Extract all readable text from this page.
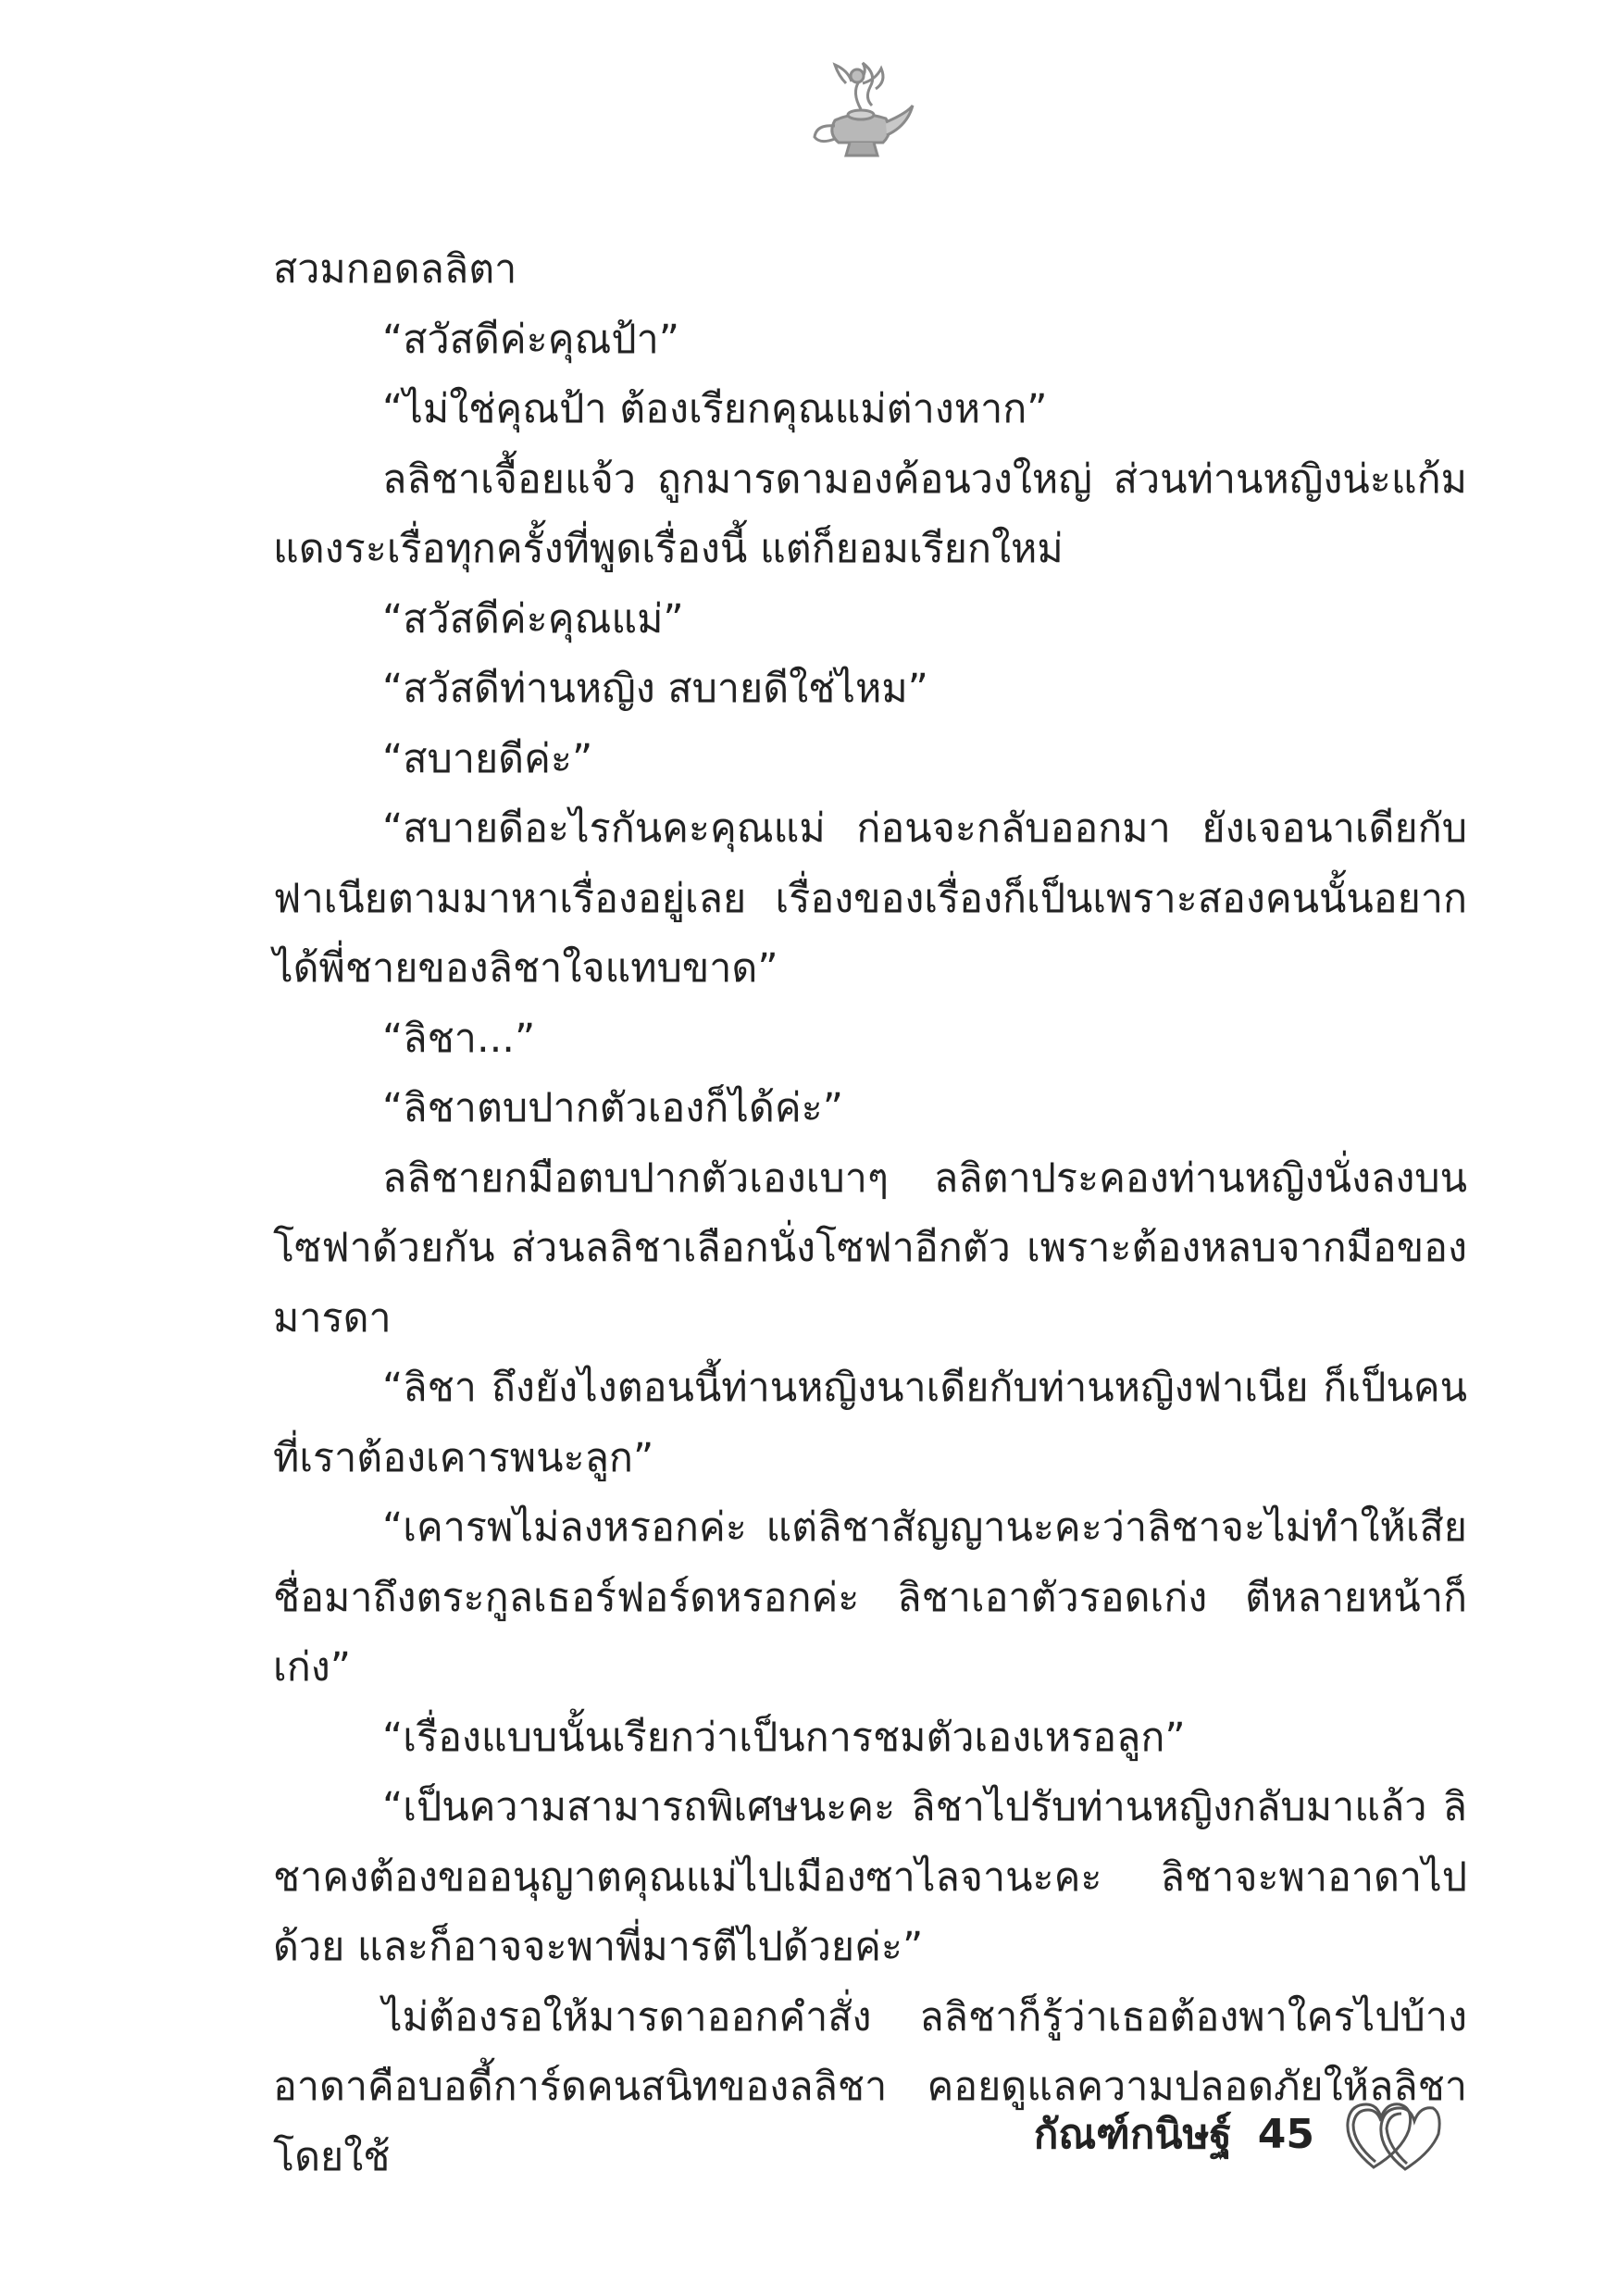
สวมกอดลลิตา

“สวัสดีค่ะคุณป้า”

“ไม่ใช่คุณป้า ต้องเรียกคุณแม่ต่างหาก”

ลลิชาเจื้อยแจ้ว ถูกมารดามองค้อนวงใหญ่ ส่วนท่านหญิงน่ะแก้มแดงระเรื่อทุกครั้งที่พูดเรื่องนี้ แต่ก็ยอมเรียกใหม่

“สวัสดีค่ะคุณแม่”

“สวัสดีท่านหญิง สบายดีใช่ไหม”

“สบายดีค่ะ”

“สบายดีอะไรกันคะคุณแม่ ก่อนจะกลับออกมา ยังเจอนาเดียกับฟาเนียตามมาหาเรื่องอยู่เลย เรื่องของเรื่องก็เป็นเพราะสองคนนั้นอยากได้พี่ชายของลิชาใจแทบขาด”

“ลิชา...”

“ลิชาตบปากตัวเองก็ได้ค่ะ”

ลลิชายกมือตบปากตัวเองเบาๆ ลลิตาประคองท่านหญิงนั่งลงบนโซฟาด้วยกัน ส่วนลลิชาเลือกนั่งโซฟาอีกตัว เพราะต้องหลบจากมือของมารดา

“ลิชา ถึงยังไงตอนนี้ท่านหญิงนาเดียกับท่านหญิงฟาเนีย ก็เป็นคนที่เราต้องเคารพนะลูก”

“เคารพไม่ลงหรอกค่ะ แต่ลิชาสัญญานะคะว่าลิชาจะไม่ทำให้เสียชื่อมาถึงตระกูลเธอร์ฟอร์ดหรอกค่ะ ลิชาเอาตัวรอดเก่ง ตีหลายหน้าก็เก่ง”

“เรื่องแบบนั้นเรียกว่าเป็นการชมตัวเองเหรอลูก”

“เป็นความสามารถพิเศษนะคะ ลิชาไปรับท่านหญิงกลับมาแล้ว ลิชาคงต้องขออนุญาตคุณแม่ไปเมืองซาไลจานะคะ ลิชาจะพาอาดาไปด้วย และก็อาจจะพาพี่มารตีไปด้วยค่ะ”

ไม่ต้องรอให้มารดาออกคำสั่ง ลลิชาก็รู้ว่าเธอต้องพาใครไปบ้าง อาดาคือบอดี้การ์ดคนสนิทของลลิชา คอยดูแลความปลอดภัยให้ลลิชาโดยใช้	กัณฑ์กนิษฐ์ 45
